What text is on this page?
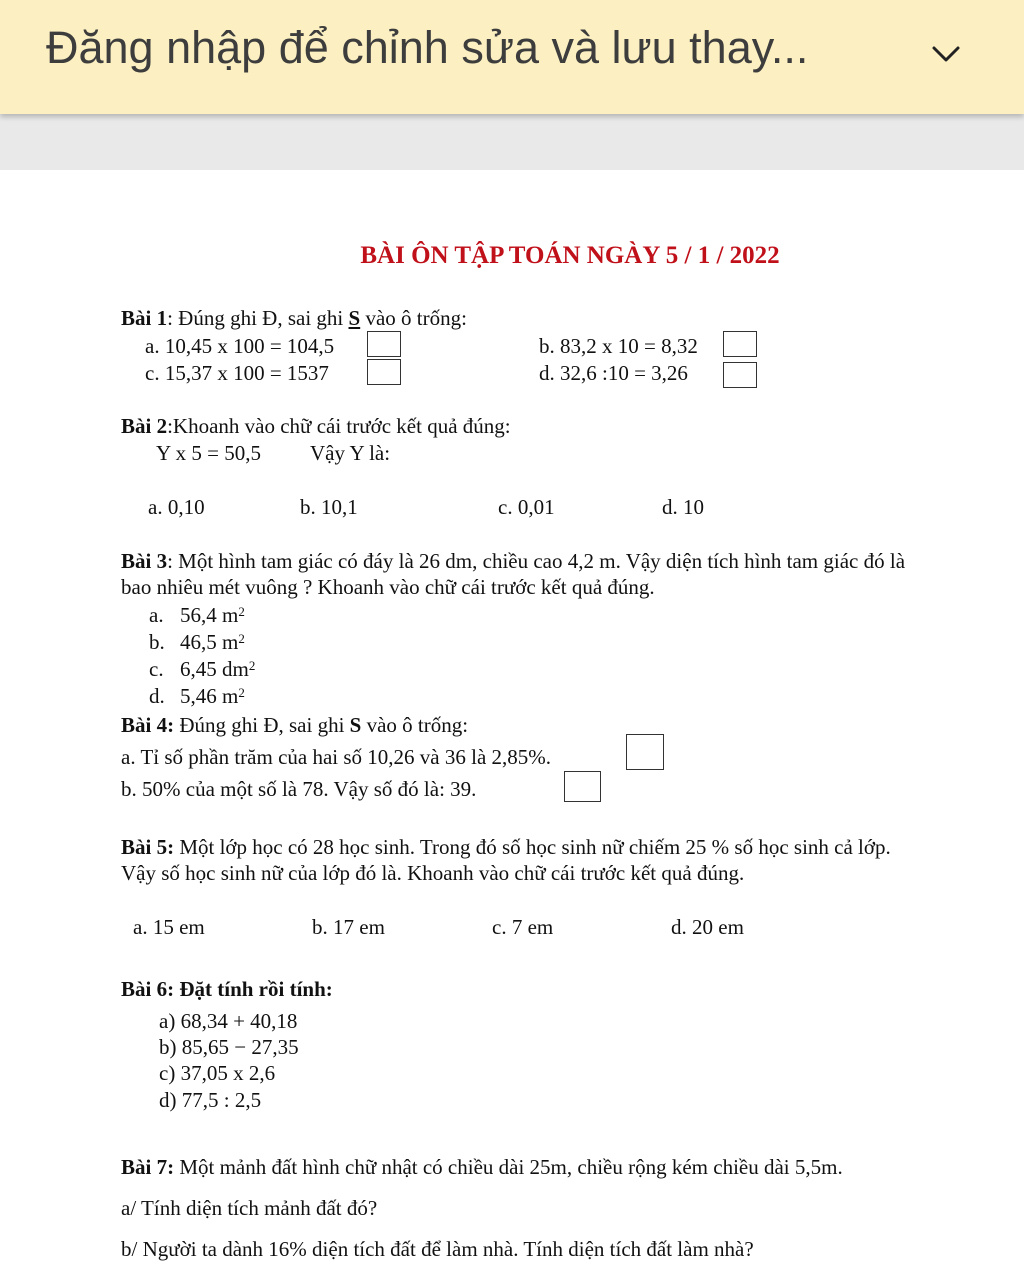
Đăng nhập để chỉnh sửa và lưu thay...
BÀI ÔN TẬP TOÁN NGÀY 5 / 1 / 2022
Bài 1: Đúng ghi Đ, sai ghi S vào ô trống:
a. 10,45 x 100 = 104,5	b. 83,2 x 10 = 8,32
c. 15,37 x 100 = 1537	d. 32,6 :10 = 3,26
Bài 2:Khoanh vào chữ cái trước kết quả đúng:
Y x 5 = 50,5 Vậy Y là:
a. 0,10	b. 10,1	c. 0,01	d. 10
Bài 3: Một hình tam giác có đáy là 26 dm, chiều cao 4,2 m. Vậy diện tích hình tam giác đó là
bao nhiêu mét vuông ? Khoanh vào chữ cái trước kết quả đúng.
a. 56,4 $m^2$
b. 46,5 $m^2$
c. 6,45 $dm^2$
d. 5,46 $m^2$
Bài 4: Đúng ghi Đ, sai ghi S vào ô trống:
a. Tỉ số phần trăm của hai số 10,26 và 36 là 2,85%.
b. 50% của một số là 78. Vậy số đó là: 39.
Bài 5: Một lớp học có 28 học sinh. Trong đó số học sinh nữ chiếm 25 % số học sinh cả lớp.
Vậy số học sinh nữ của lớp đó là. Khoanh vào chữ cái trước kết quả đúng.
a. 15 em	b. 17 em	c. 7 em	d. 20 em
Bài 6: Đặt tính rồi tính:
a) 68,34 + 40,18
b) 85,65 − 27,35
c) 37,05 x 2,6
d) 77,5 : 2,5
Bài 7: Một mảnh đất hình chữ nhật có chiều dài 25m, chiều rộng kém chiều dài 5,5m.
a/ Tính diện tích mảnh đất đó?
b/ Người ta dành 16% diện tích đất để làm nhà. Tính diện tích đất làm nhà?
